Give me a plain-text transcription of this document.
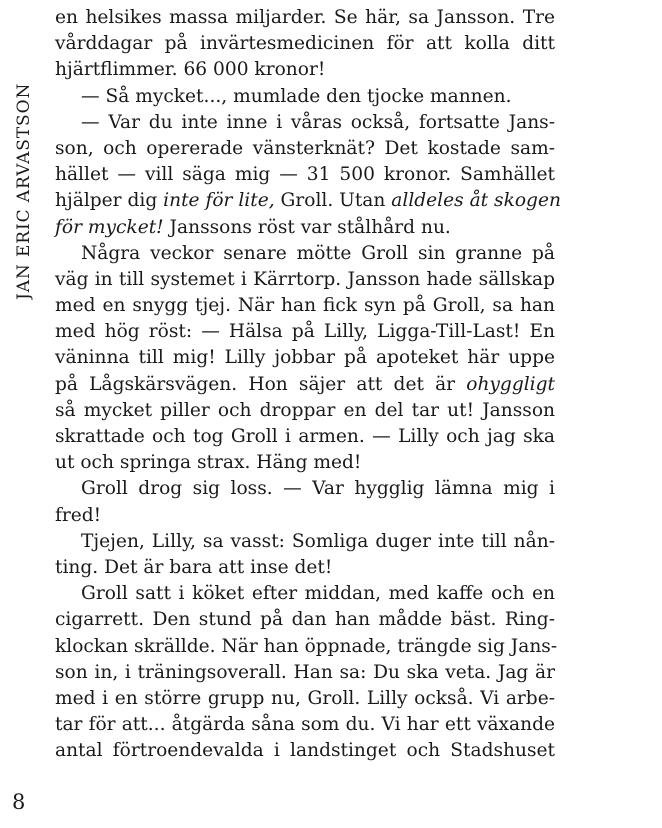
JAN ERIC ARVASTSON
en helsikes massa miljarder. Se här, sa Jansson. Tre
vårddagar på invärtesmedicinen för att kolla ditt
hjärtflimmer. 66 000 kronor!
— Så mycket..., mumlade den tjocke mannen.
— Var du inte inne i våras också, fortsatte Jans-
son, och opererade vänsterknät? Det kostade sam-
hället — vill säga mig — 31 500 kronor. Samhället
hjälper dig inte för lite, Groll. Utan alldeles åt skogen
för mycket! Janssons röst var stålhård nu.
Några veckor senare mötte Groll sin granne på
väg in till systemet i Kärrtorp. Jansson hade sällskap
med en snygg tjej. När han fick syn på Groll, sa han
med hög röst: — Hälsa på Lilly, Ligga-Till-Last! En
väninna till mig! Lilly jobbar på apoteket här uppe
på Lågskärsvägen. Hon säjer att det är ohyggligt
så mycket piller och droppar en del tar ut! Jansson
skrattade och tog Groll i armen. — Lilly och jag ska
ut och springa strax. Häng med!
Groll drog sig loss. — Var hygglig lämna mig i
fred!
Tjejen, Lilly, sa vasst: Somliga duger inte till nån-
ting. Det är bara att inse det!
Groll satt i köket efter middan, med kaffe och en
cigarrett. Den stund på dan han mådde bäst. Ring-
klockan skrällde. När han öppnade, trängde sig Jans-
son in, i träningsoverall. Han sa: Du ska veta. Jag är
med i en större grupp nu, Groll. Lilly också. Vi arbe-
tar för att... åtgärda såna som du. Vi har ett växande
antal förtroendevalda i landstinget och Stadshuset
8
